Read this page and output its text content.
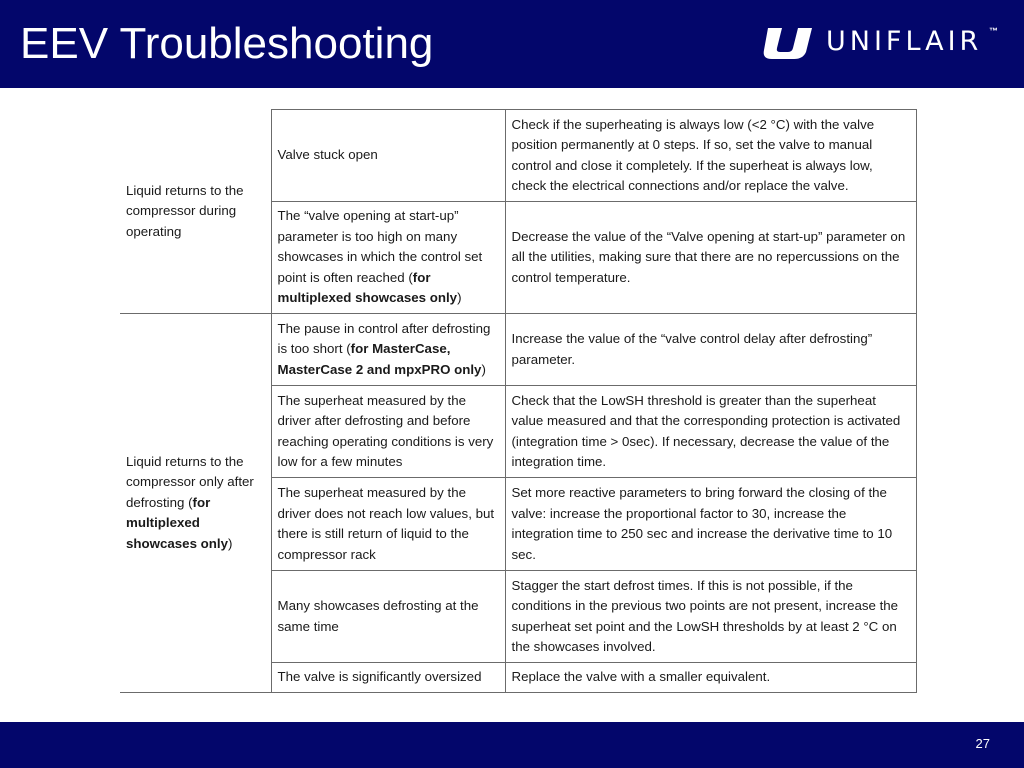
EEV Troubleshooting	UNIFLAIR ™
Liquid returns to the compressor during operating	Valve stuck open	Check if the superheating is always low (<2 °C) with the valve position permanently at 0 steps. If so, set the valve to manual control and close it completely. If the superheat is always low, check the electrical connections and/or replace the valve.
	The “valve opening at start-up” parameter is too high on many showcases in which the control set point is often reached (for multiplexed showcases only)	Decrease the value of the “Valve opening at start-up” parameter on all the utilities, making sure that there are no repercussions on the control temperature.
Liquid returns to the compressor only after defrosting (for multiplexed showcases only)	The pause in control after defrosting is too short (for MasterCase, MasterCase 2 and mpxPRO only)	Increase the value of the “valve control delay after defrosting” parameter.
	The superheat measured by the driver after defrosting and before reaching operating conditions is very low for a few minutes	Check that the LowSH threshold is greater than the superheat value measured and that the corresponding protection is activated (integration time > 0sec). If necessary, decrease the value of the integration time.
	The superheat measured by the driver does not reach low values, but there is still return of liquid to the compressor rack	Set more reactive parameters to bring forward the closing of the valve: increase the proportional factor to 30, increase the integration time to 250 sec and increase the derivative time to 10 sec.
	Many showcases defrosting at the same time	Stagger the start defrost times. If this is not possible, if the conditions in the previous two points are not present, increase the superheat set point and the LowSH thresholds by at least 2 °C on the showcases involved.
	The valve is significantly oversized	Replace the valve with a smaller equivalent.
27
